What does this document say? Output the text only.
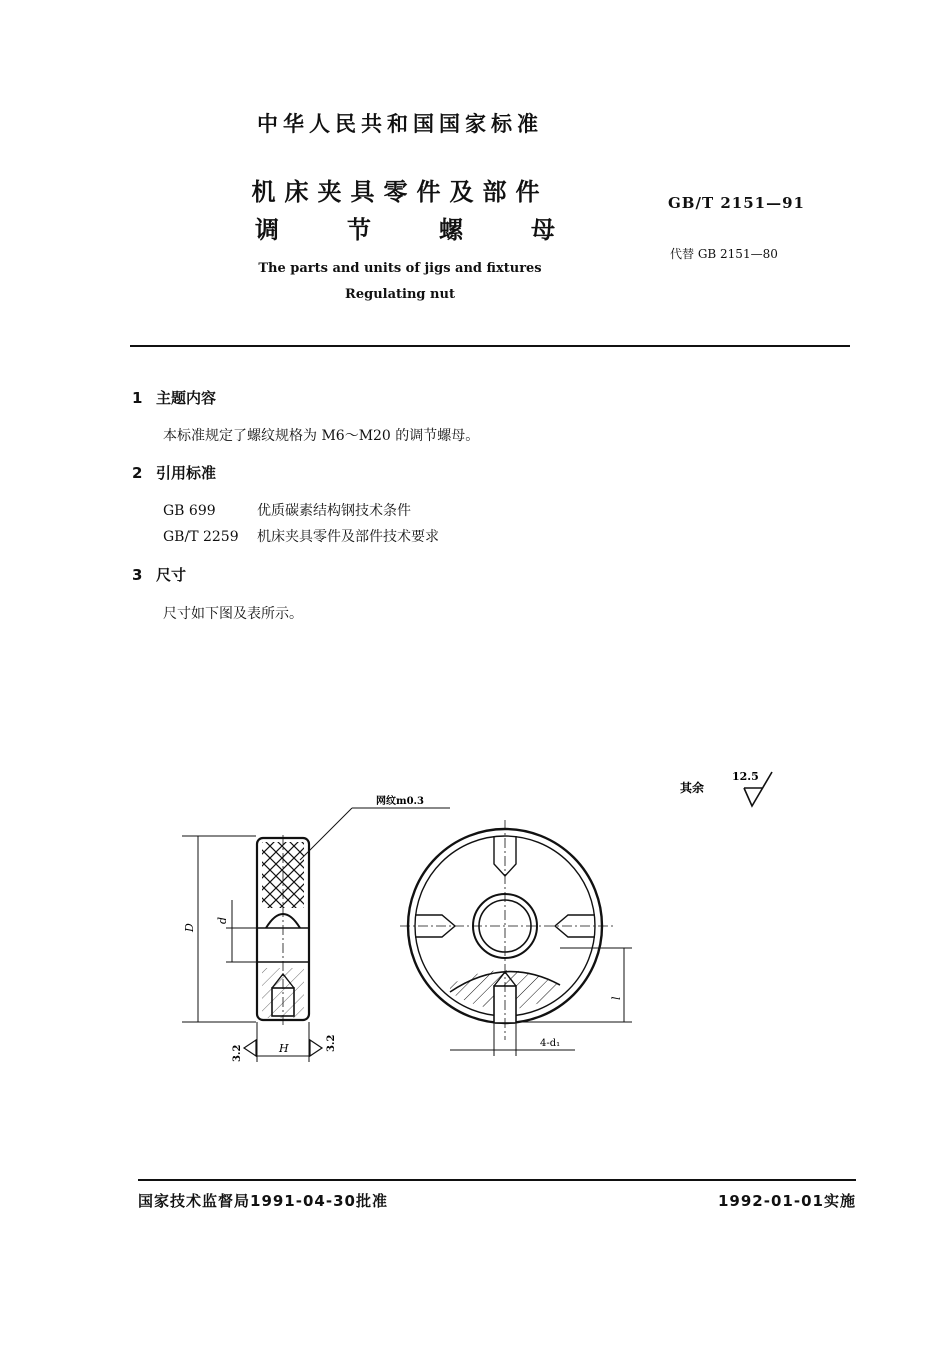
中华人民共和国国家标准
机床夹具零件及部件
调	节	螺	母
The parts and units of jigs and fixtures
Regulating nut
GB/T 2151—91
代替 GB 2151—80
1 主题内容
本标准规定了螺纹规格为 M6～M20 的调节螺母。
2 引用标准
GB 699	优质碳素结构钢技术条件
GB/T 2259 机床夹具零件及部件技术要求
3 尺寸
尺寸如下图及表所示。
其余
12.5
网纹m0.3
D
d
H
3.2
3.2
l
4-d₁
国家技术监督局1991-04-30批准	1992-01-01实施
